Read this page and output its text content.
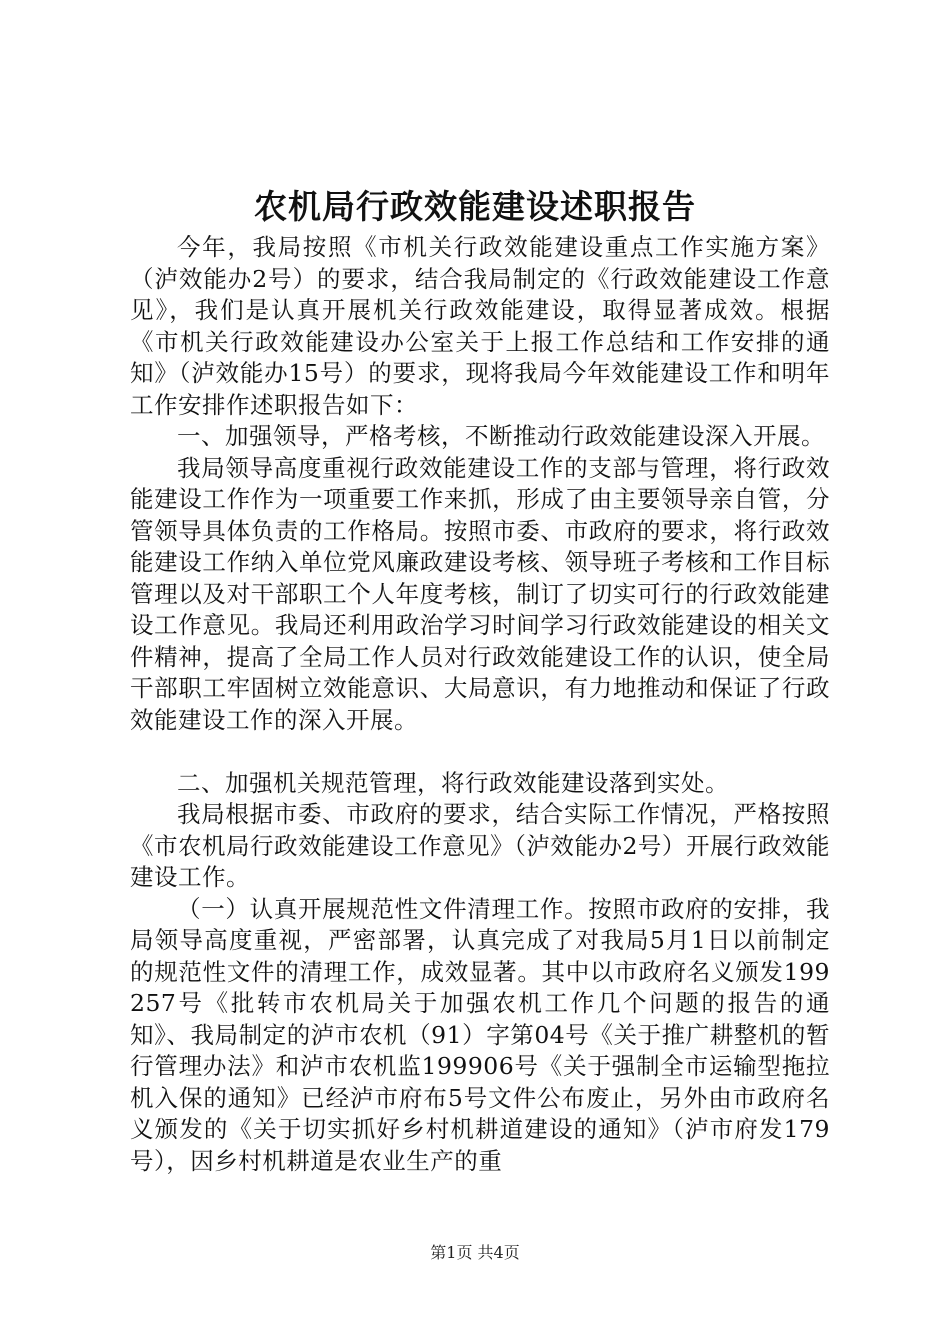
农机局行政效能建设述职报告

今年，我局按照《市机关行政效能建设重点工作实施方案》（泸效能办2号）的要求，结合我局制定的《行政效能建设工作意见》，我们是认真开展机关行政效能建设，取得显著成效。根据《市机关行政效能建设办公室关于上报工作总结和工作安排的通知》（泸效能办15号）的要求，现将我局今年效能建设工作和明年工作安排作述职报告如下：

一、加强领导，严格考核，不断推动行政效能建设深入开展。

我局领导高度重视行政效能建设工作的支部与管理，将行政效能建设工作作为一项重要工作来抓，形成了由主要领导亲自管，分管领导具体负责的工作格局。按照市委、市政府的要求，将行政效能建设工作纳入单位党风廉政建设考核、领导班子考核和工作目标管理以及对干部职工个人年度考核，制订了切实可行的行政效能建设工作意见。我局还利用政治学习时间学习行政效能建设的相关文件精神，提高了全局工作人员对行政效能建设工作的认识，使全局干部职工牢固树立效能意识、大局意识，有力地推动和保证了行政效能建设工作的深入开展。

二、加强机关规范管理，将行政效能建设落到实处。

我局根据市委、市政府的要求，结合实际工作情况，严格按照《市农机局行政效能建设工作意见》（泸效能办2号）开展行政效能建设工作。

（一）认真开展规范性文件清理工作。按照市政府的安排，我局领导高度重视，严密部署，认真完成了对我局5月1日以前制定的规范性文件的清理工作，成效显著。其中以市政府名义颁发199257号《批转市农机局关于加强农机工作几个问题的报告的通知》、我局制定的泸市农机（91）字第04号《关于推广耕整机的暂行管理办法》和泸市农机监199906号《关于强制全市运输型拖拉机入保的通知》已经泸市府布5号文件公布废止，另外由市政府名义颁发的《关于切实抓好乡村机耕道建设的通知》（泸市府发179号），因乡村机耕道是农业生产的重

第1页 共4页
